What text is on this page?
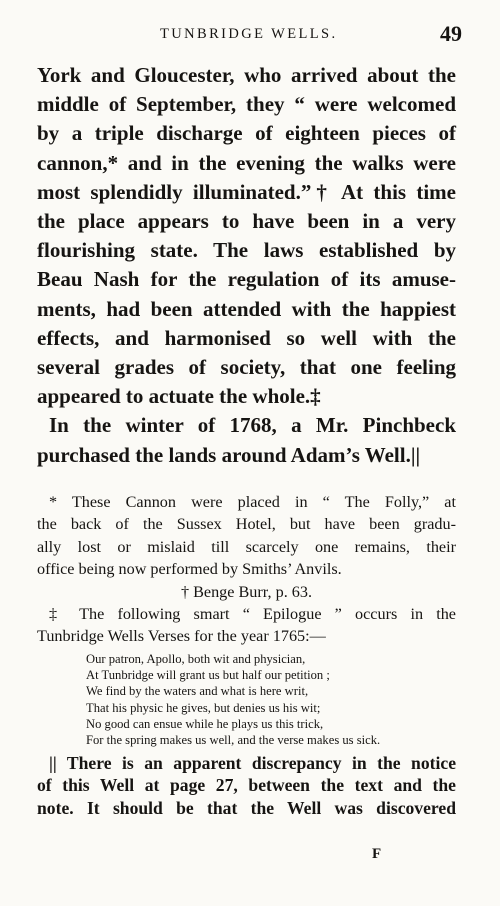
TUNBRIDGE WELLS.	49
York and Gloucester, who arrived about the
middle of September, they “ were welcomed
by a triple discharge of eighteen pieces of
cannon,* and in the evening the walks were
most splendidly illuminated.”† At this time
the place appears to have been in a very
flourishing state. The laws established by
Beau Nash for the regulation of its amuse-
ments, had been attended with the happiest
effects, and harmonised so well with the
several grades of society, that one feeling
appeared to actuate the whole.‡
In the winter of 1768, a Mr. Pinchbeck
purchased the lands around Adam’s Well.||
* These Cannon were placed in “ The Folly,” at
the back of the Sussex Hotel, but have been gradu-
ally lost or mislaid till scarcely one remains, their
office being now performed by Smiths’ Anvils.
† Benge Burr, p. 63.
‡ The following smart “ Epilogue ” occurs in the
Tunbridge Wells Verses for the year 1765:—
Our patron, Apollo, both wit and physician,
At Tunbridge will grant us but half our petition ;
We find by the waters and what is here writ,
That his physic he gives, but denies us his wit;
No good can ensue while he plays us this trick,
For the spring makes us well, and the verse makes us sick.
|| There is an apparent discrepancy in the notice
of this Well at page 27, between the text and the
note. It should be that the Well was discovered
F
